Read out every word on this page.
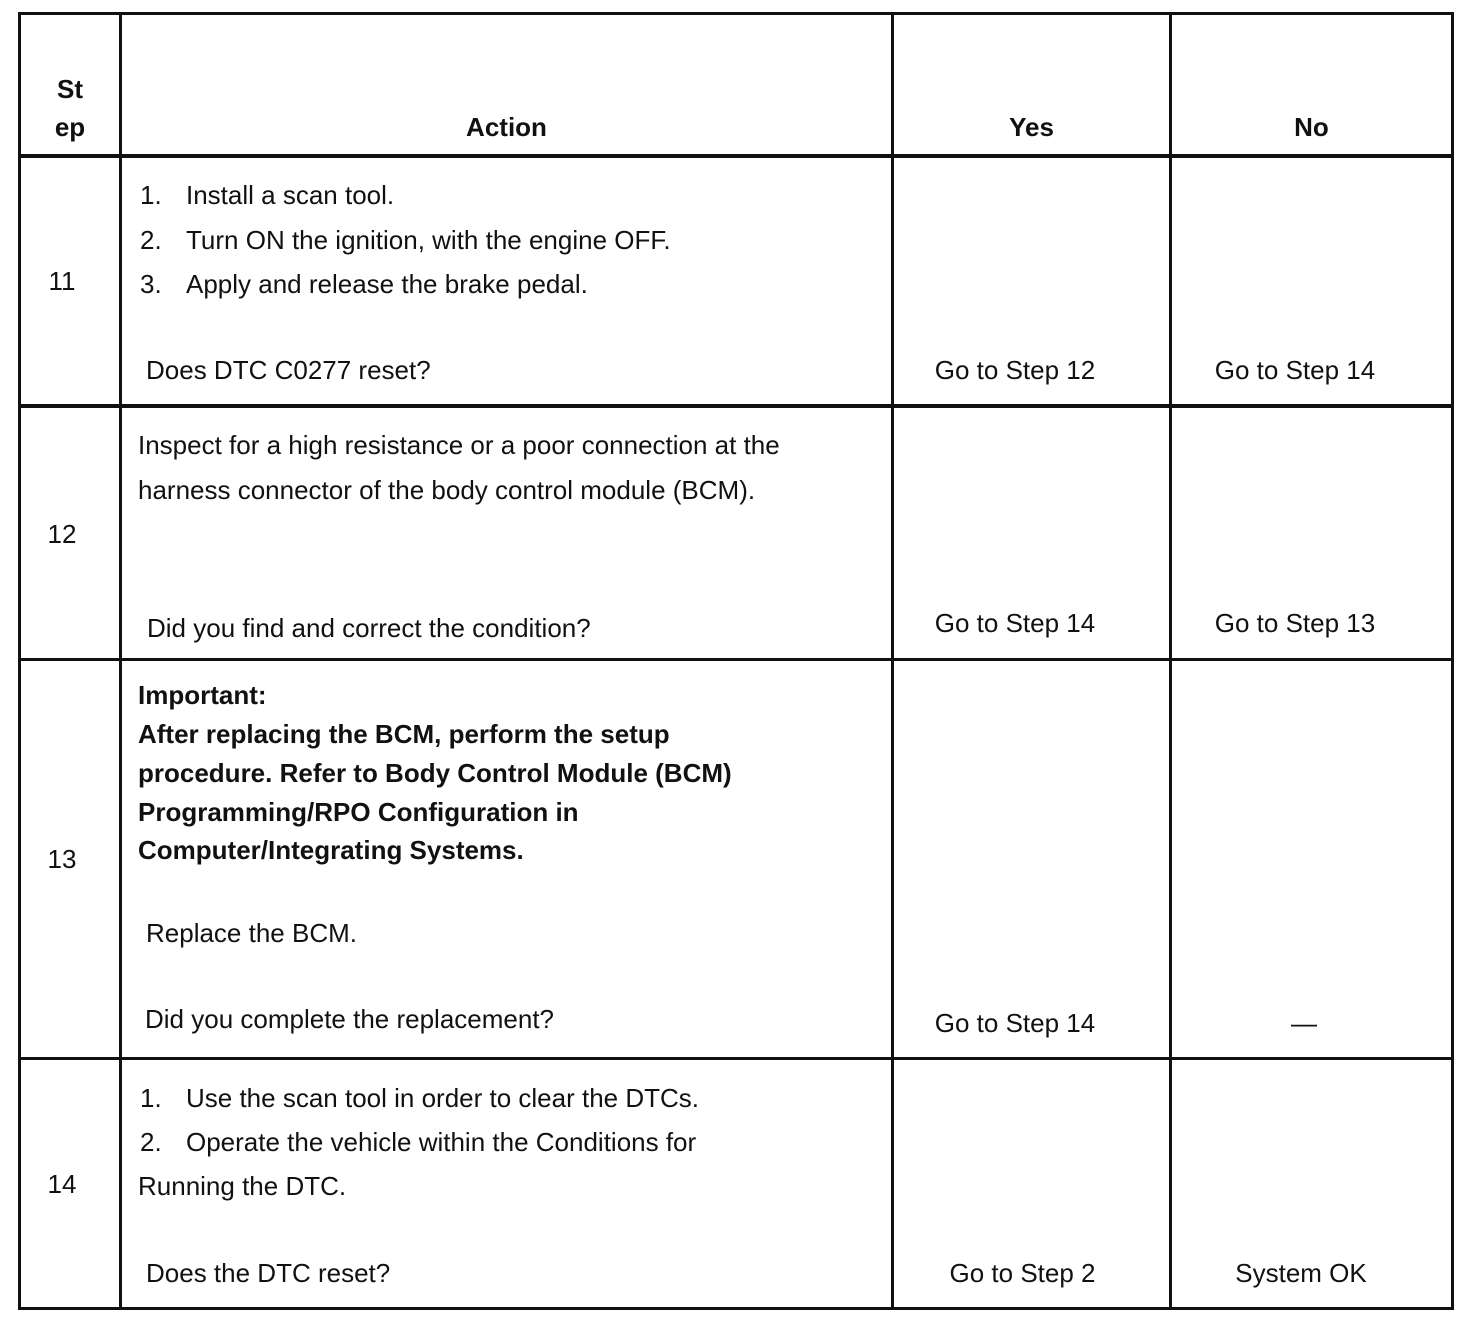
St
ep	Action	Yes	No
11
1. Install a scan tool.
2. Turn ON the ignition, with the engine OFF.
3. Apply and release the brake pedal.
Does DTC C0277 reset?	Go to Step 12	Go to Step 14
12
Inspect for a high resistance or a poor connection at the
harness connector of the body control module (BCM).
Did you find and correct the condition?	Go to Step 14	Go to Step 13
13
Important:
After replacing the BCM, perform the setup
procedure. Refer to Body Control Module (BCM)
Programming/RPO Configuration in
Computer/Integrating Systems.
Replace the BCM.
Did you complete the replacement?	Go to Step 14	—
14
1. Use the scan tool in order to clear the DTCs.
2. Operate the vehicle within the Conditions for
Running the DTC.
Does the DTC reset?	Go to Step 2	System OK
